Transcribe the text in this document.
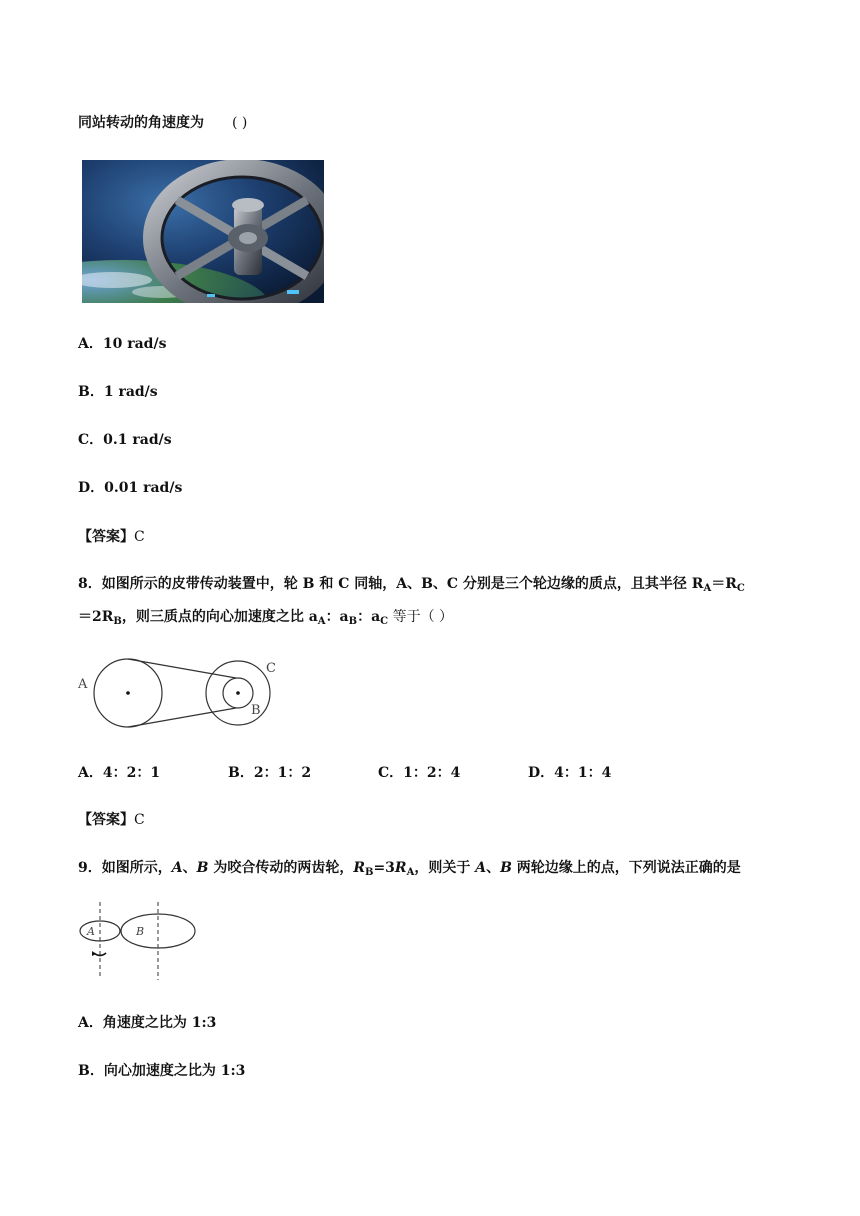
同站转动的角速度为 ( )
A．10 rad/s
B．1 rad/s
C．0.1 rad/s
D．0.01 rad/s
【答案】C
8．如图所示的皮带传动装置中，轮 B 和 C 同轴，A、B、C 分别是三个轮边缘的质点，且其半径 $R_A=R_C$
$=2R_B$，则三质点的向心加速度之比 $a_A$：$a_B$：$a_C$ 等于（ ）
A
B
C
A．4：2：1	B．2：1：2	C．1：2：4	D．4：1：4
【答案】C
9．如图所示，A、B 为咬合传动的两齿轮，$R_B=3R_A$，则关于 A、B 两轮边缘上的点，下列说法正确的是
A	B
A．角速度之比为 1:3
B．向心加速度之比为 1:3
